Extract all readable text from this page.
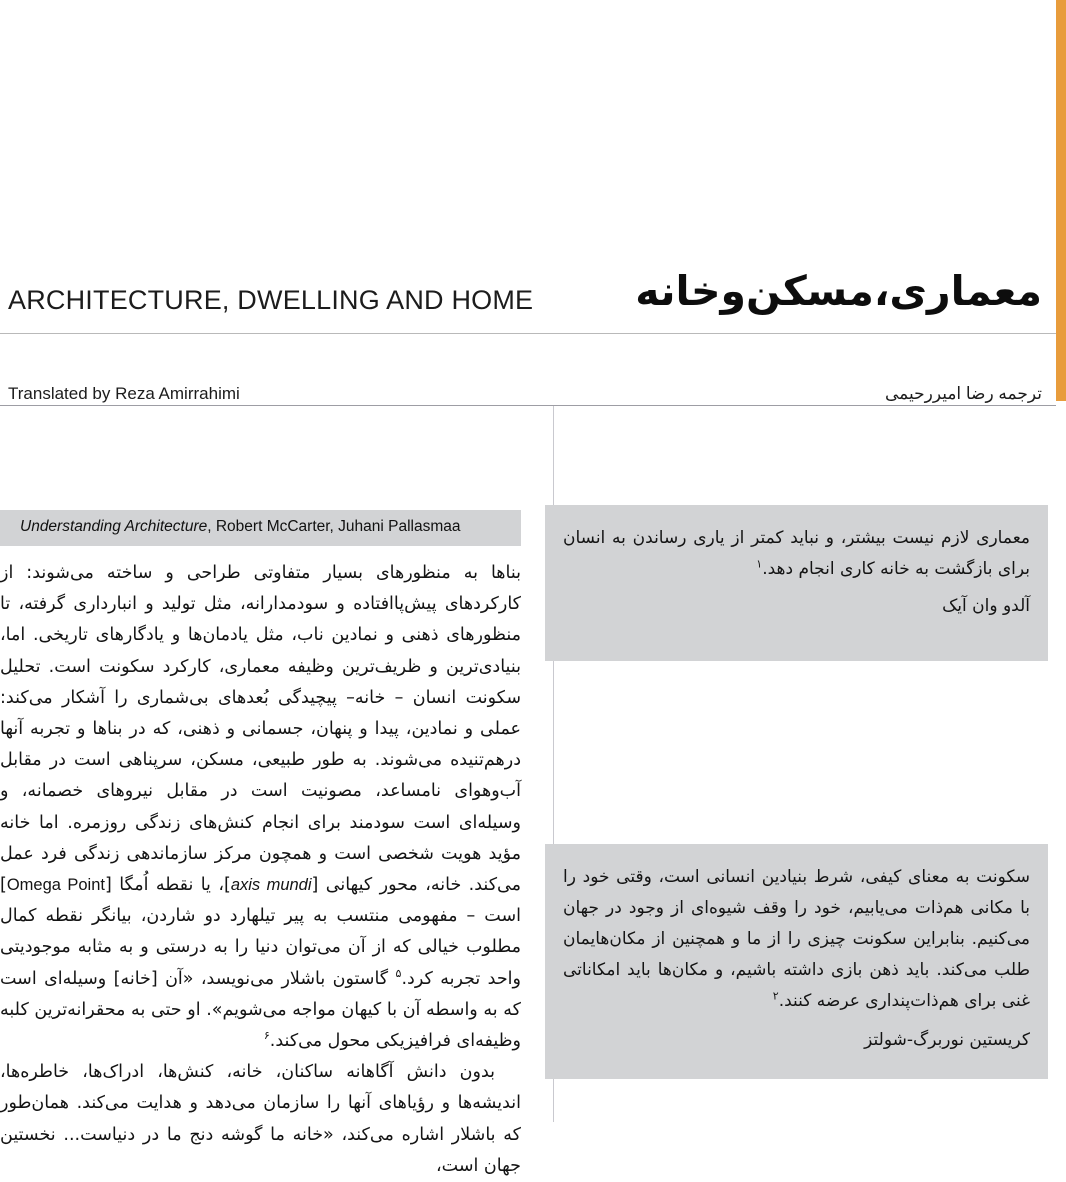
ARCHITECTURE, DWELLING AND HOME معماری،مسکن‌وخانه
Translated by Reza Amirrahimi	ترجمه رضا امیررحیمی
Understanding Architecture, Robert McCarter, Juhani Pallasmaa

بناها به منظورهای بسیار متفاوتی طراحی و ساخته می‌شوند: از کارکردهای پیش‌پاافتاده و سودمدارانه، مثل تولید و انبارداری گرفته، تا منظورهای ذهنی و نمادین ناب، مثل یادمان‌ها و یادگارهای تاریخی. اما، بنیادی‌ترین و ظریف‌ترین وظیفه معماری، کارکرد سکونت است. تحلیل سکونت انسان – خانه– پیچیدگی بُعدهای بی‌شماری را آشکار می‌کند: عملی و نمادین، پیدا و پنهان، جسمانی و ذهنی، که در بناها و تجربه آنها درهم‌تنیده می‌شوند. به طور طبیعی، مسکن، سرپناهی است در مقابل آب‌وهوای نامساعد، مصونیت است در مقابل نیروهای خصمانه، و وسیله‌ای است سودمند برای انجام کنش‌های زندگی روزمره. اما خانه مؤید هویت شخصی است و همچون مرکز سازماندهی زندگی فرد عمل می‌کند. خانه، محور کیهانی [axis mundi]، یا نقطه اُمگا [Omega Point] است – مفهومی منتسب به پیر تیلهارد دو شاردن، بیانگر نقطه کمال مطلوب خیالی که از آن می‌توان دنیا را به درستی و به مثابه موجودیتی واحد تجربه کرد.$^۵$ گاستون باشلار می‌نویسد، «آن [خانه] وسیله‌ای است که به واسطه آن با کیهان مواجه می‌شویم». او حتی به محقرانه‌ترین کلبه وظیفه‌ای فرافیزیکی محول می‌کند.$^۶$

بدون دانش آگاهانه ساکنان، خانه، کنش‌ها، ادراک‌ها، خاطره‌ها، اندیشه‌ها و رؤیاهای آنها را سازمان می‌دهد و هدایت می‌کند. همان‌طور که باشلار اشاره می‌کند، «خانه ما گوشه دنج ما در دنیاست... نخستین جهان است،

معماری لازم نیست بیشتر، و نباید کمتر از یاری رساندن به انسان برای بازگشت به خانه کاری انجام دهد.$^۱$

آلدو وان آیک

سکونت به معنای کیفی، شرط بنیادین انسانی است، وقتی خود را با مکانی هم‌ذات می‌یابیم، خود را وقف شیوه‌ای از وجود در جهان می‌کنیم. بنابراین سکونت چیزی را از ما و همچنین از مکان‌هایمان طلب می‌کند. باید ذهن بازی داشته باشیم، و مکان‌ها باید امکاناتی غنی برای هم‌ذات‌پنداری عرضه کنند.$^۲$

کریستین نوربرگ-شولتز
